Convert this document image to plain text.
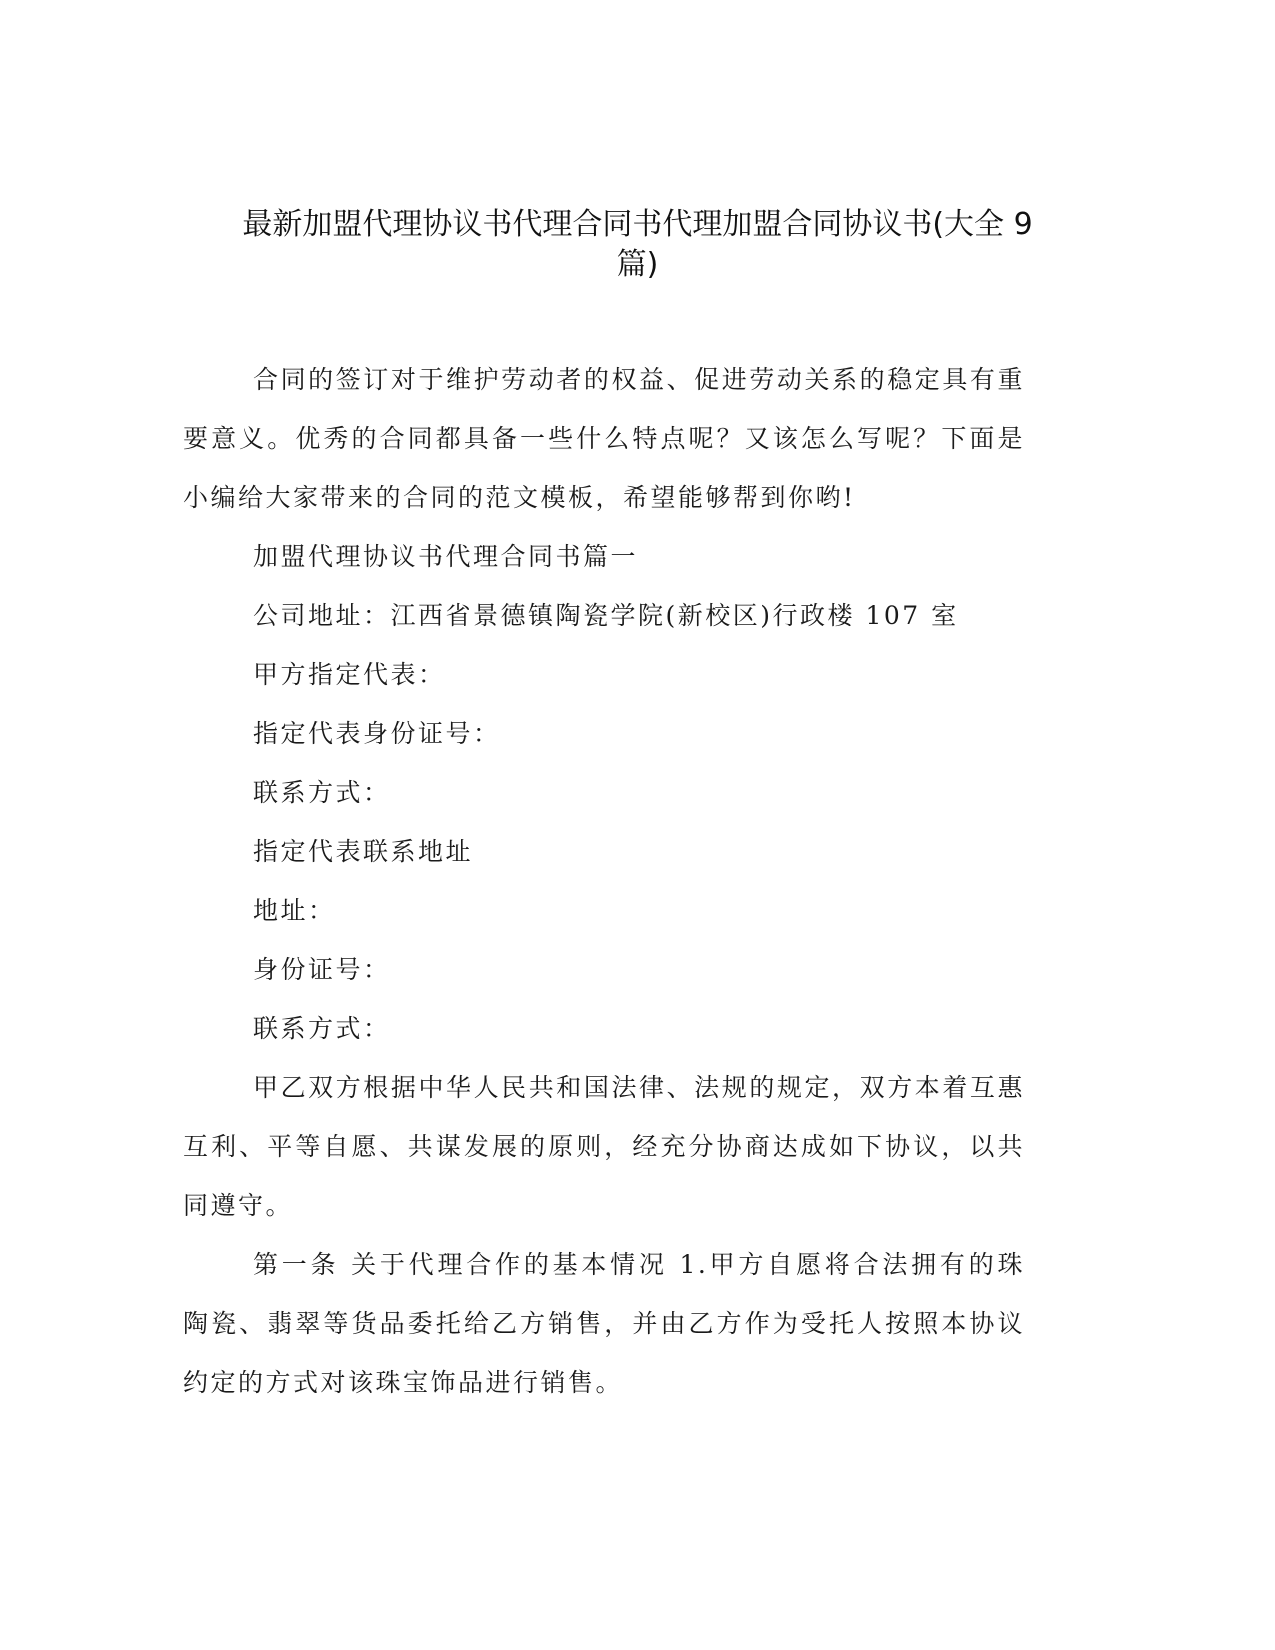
最新加盟代理协议书代理合同书代理加盟合同协议书(大全 9
篇)
合同的签订对于维护劳动者的权益、促进劳动关系的稳定具有重
要意义。优秀的合同都具备一些什么特点呢？又该怎么写呢？下面是
小编给大家带来的合同的范文模板，希望能够帮到你哟!
加盟代理协议书代理合同书篇一
公司地址：江西省景德镇陶瓷学院(新校区)行政楼 107 室
甲方指定代表：
指定代表身份证号：
联系方式：
指定代表联系地址
地址：
身份证号：
联系方式：
甲乙双方根据中华人民共和国法律、法规的规定，双方本着互惠
互利、平等自愿、共谋发展的原则，经充分协商达成如下协议，以共
同遵守。
第一条 关于代理合作的基本情况 1.甲方自愿将合法拥有的珠
陶瓷、翡翠等货品委托给乙方销售，并由乙方作为受托人按照本协议
约定的方式对该珠宝饰品进行销售。
